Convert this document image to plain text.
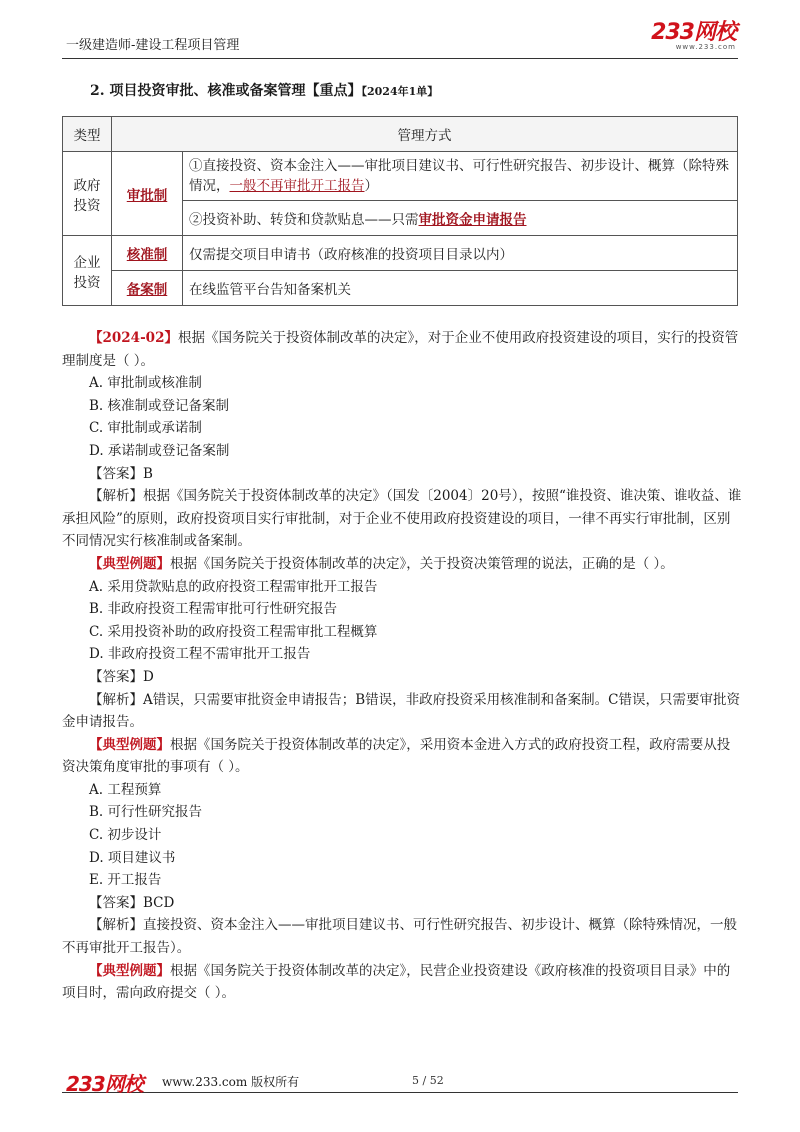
一级建造师-建设工程项目管理
233网校
www.233.com
2. 项目投资审批、核准或备案管理【重点】【2024年1单】
类型	管理方式	
政府投资	审批制	①直接投资、资本金注入——审批项目建议书、可行性研究报告、初步设计、概算（除特殊情况，一般不再审批开工报告）
		②投资补助、转贷和贷款贴息——只需审批资金申请报告
企业投资	核准制	仅需提交项目申请书（政府核准的投资项目目录以内）
	备案制	在线监管平台告知备案机关

【2024-02】根据《国务院关于投资体制改革的决定》，对于企业不使用政府投资建设的项目，实行的投资管理制度是（ ）。

A. 审批制或核准制

B. 核准制或登记备案制

C. 审批制或承诺制

D. 承诺制或登记备案制

【答案】B

【解析】根据《国务院关于投资体制改革的决定》（国发〔2004〕20号），按照“谁投资、谁决策、谁收益、谁承担风险”的原则，政府投资项目实行审批制，对于企业不使用政府投资建设的项目，一律不再实行审批制，区别不同情况实行核准制或备案制。

【典型例题】根据《国务院关于投资体制改革的决定》，关于投资决策管理的说法，正确的是（ ）。

A. 采用贷款贴息的政府投资工程需审批开工报告

B. 非政府投资工程需审批可行性研究报告

C. 采用投资补助的政府投资工程需审批工程概算

D. 非政府投资工程不需审批开工报告

【答案】D

【解析】A错误，只需要审批资金申请报告；B错误，非政府投资采用核准制和备案制。C错误，只需要审批资金申请报告。

【典型例题】根据《国务院关于投资体制改革的决定》，采用资本金进入方式的政府投资工程，政府需要从投资决策角度审批的事项有（ ）。

A. 工程预算

B. 可行性研究报告

C. 初步设计

D. 项目建议书

E. 开工报告

【答案】BCD

【解析】直接投资、资本金注入——审批项目建议书、可行性研究报告、初步设计、概算（除特殊情况，一般不再审批开工报告）。

【典型例题】根据《国务院关于投资体制改革的决定》，民营企业投资建设《政府核准的投资项目目录》中的项目时，需向政府提交（ ）。

233网校 www.233.com 版权所有	5 / 52
